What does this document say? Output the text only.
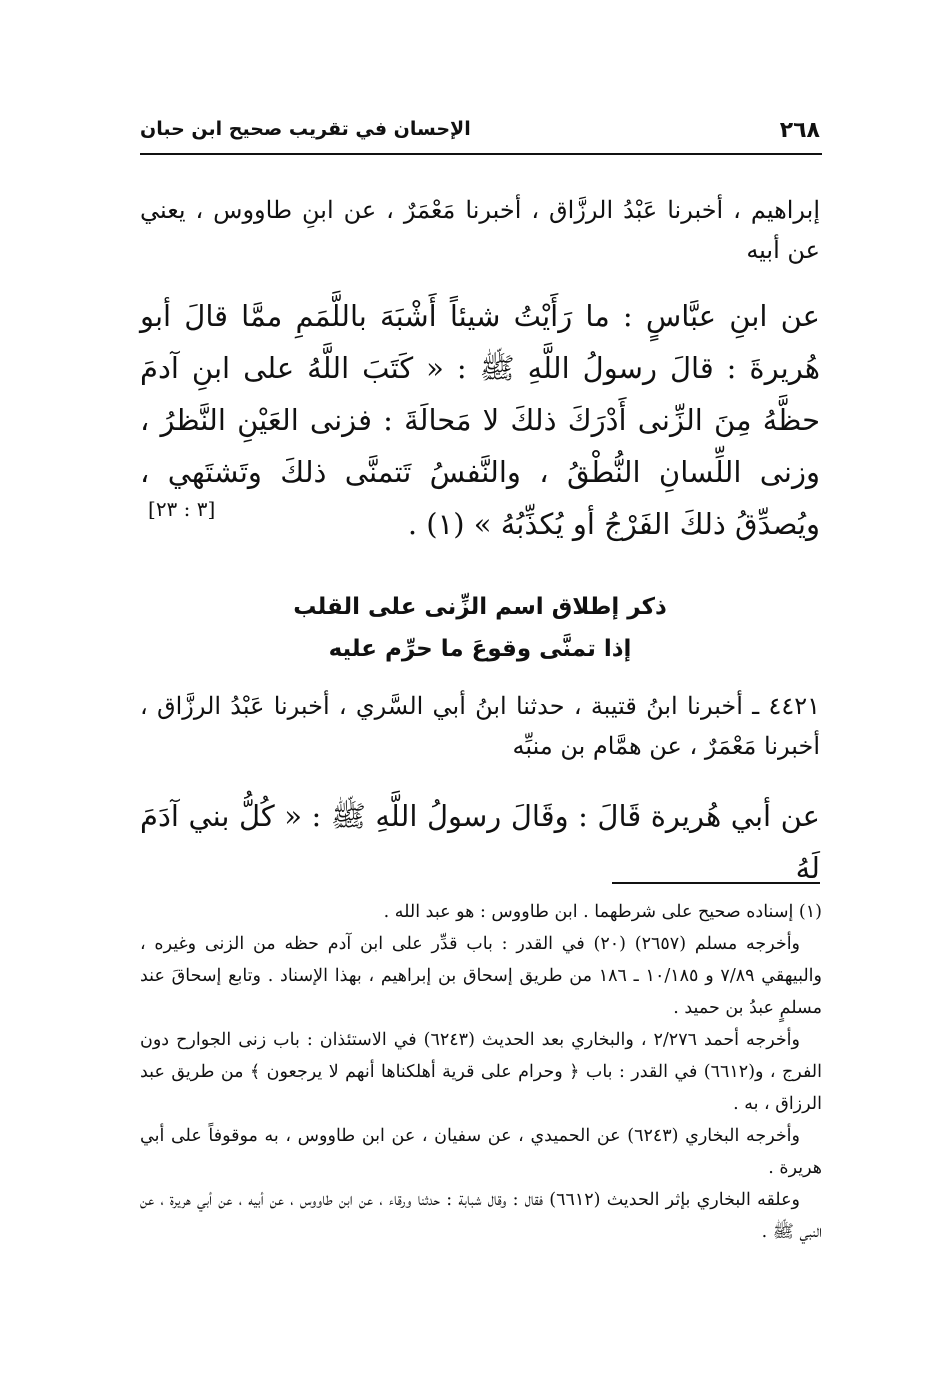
٢٦٨
الإحسان في تقريب صحيح ابن حبان
إبراهيم ، أخبرنا عَبْدُ الرزَّاق ، أخبرنا مَعْمَرٌ ، عن ابنِ طاووس ، يعني عن أبيه
عن ابنِ عبَّاسٍ : ما رَأَيْتُ شيئاً أَشْبَهَ باللَّمَمِ ممَّا قالَ أبو هُريرةَ : قالَ رسولُ اللَّهِ ﷺ : « كَتَبَ اللَّهُ على ابنِ آدمَ حظَّهُ مِنَ الزِّنى أَدْرَكَ ذلكَ لا مَحالَةَ : فزنى العَيْنِ النَّظرُ ، وزنى اللِّسانِ النُّطْقُ ، والنَّفسُ تَتمنَّى ذلكَ وتَشتَهي ، ويُصدِّقُ ذلكَ الفَرْجُ أو يُكذِّبُهُ » (١) .
[٣ : ٢٣]
ذكر إطلاق اسم الزِّنى على القلب
إذا تمنَّى وقوعَ ما حرِّم عليه
٤٤٢١ ـ أخبرنا ابنُ قتيبة ، حدثنا ابنُ أبي السَّري ، أخبرنا عَبْدُ الرزَّاق ، أخبرنا مَعْمَرٌ ، عن همَّام بن منبِّه
عن أبي هُريرة قَالَ : وقَالَ رسولُ اللَّهِ ﷺ : « كُلُّ بني آدَمَ لَهُ

(١) إسناده صحيح على شرطهما . ابن طاووس : هو عبد الله .

وأخرجه مسلم (٢٦٥٧) (٢٠) في القدر : باب قدِّر على ابن آدم حظه من الزنى وغيره ، والبيهقي ٧/٨٩ و ١٠/١٨٥ ـ ١٨٦ من طريق إسحاق بن إبراهيم ، بهذا الإسناد . وتابع إسحاقَ عند مسلمٍ عبدُ بن حميد .

وأخرجه أحمد ٢/٢٧٦ ، والبخاري بعد الحديث (٦٢٤٣) في الاستئذان : باب زنى الجوارح دون الفرج ، و(٦٦١٢) في القدر : باب ﴿ وحرام على قرية أهلكناها أنهم لا يرجعون ﴾ من طريق عبد الرزاق ، به .

وأخرجه البخاري (٦٢٤٣) عن الحميدي ، عن سفيان ، عن ابن طاووس ، به موقوفاً على أبي هريرة .

وعلقه البخاري بإثر الحديث (٦٦١٢) فقال : وقال شبابة : حدثنا ورقاء ، عن ابن طاووس ، عن أبيه ، عن أبي هريرة ، عن النبي ﷺ .
